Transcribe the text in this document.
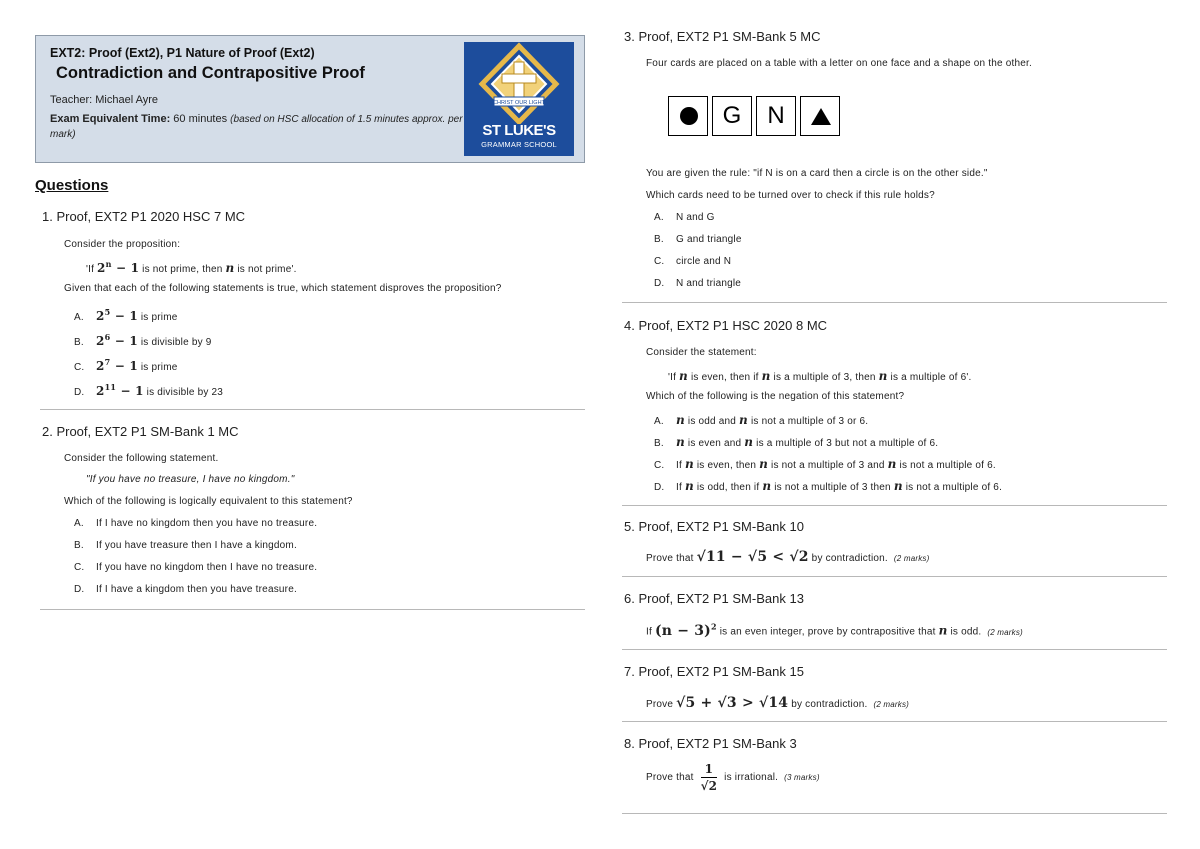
EXT2: Proof (Ext2), P1 Nature of Proof (Ext2)
Contradiction and Contrapositive Proof
Teacher: Michael Ayre
Exam Equivalent Time: 60 minutes (based on HSC allocation of 1.5 minutes approx. per mark)
CHRIST OUR LIGHT
ST LUKE'S
GRAMMAR SCHOOL
Questions
1. Proof, EXT2 P1 2020 HSC 7 MC
Consider the proposition:
'If $2^n - 1$ is not prime, then n is not prime'.
Given that each of the following statements is true, which statement disproves the proposition?
A. $2^5 - 1$ is prime
B. $2^6 - 1$ is divisible by 9
C. $2^7 - 1$ is prime
D. $2^{11} - 1$ is divisible by 23
2. Proof, EXT2 P1 SM-Bank 1 MC
Consider the following statement.
"If you have no treasure, I have no kingdom."
Which of the following is logically equivalent to this statement?
A. If I have no kingdom then you have no treasure.
B. If you have treasure then I have a kingdom.
C. If you have no kingdom then I have no treasure.
D. If I have a kingdom then you have treasure.
3. Proof, EXT2 P1 SM-Bank 5 MC
Four cards are placed on a table with a letter on one face and a shape on the other.
G	N
You are given the rule: "if N is on a card then a circle is on the other side."
Which cards need to be turned over to check if this rule holds?
A. N and G
B. G and triangle
C. circle and N
D. N and triangle
4. Proof, EXT2 P1 HSC 2020 8 MC
Consider the statement:
'If n is even, then if n is a multiple of 3, then n is a multiple of 6'.
Which of the following is the negation of this statement?
A. n is odd and n is not a multiple of 3 or 6.
B. n is even and n is a multiple of 3 but not a multiple of 6.
C. If n is even, then n is not a multiple of 3 and n is not a multiple of 6.
D. If n is odd, then if n is not a multiple of 3 then n is not a multiple of 6.
5. Proof, EXT2 P1 SM-Bank 10
Prove that √11 − √5 < √2 by contradiction. (2 marks)
6. Proof, EXT2 P1 SM-Bank 13
If $(n - 3)^2$ is an even integer, prove by contrapositive that n is odd. (2 marks)
7. Proof, EXT2 P1 SM-Bank 15
Prove √5 + √3 > √14 by contradiction. (2 marks)
8. Proof, EXT2 P1 SM-Bank 3
Prove that $\frac{1}{√2}$ is irrational. (3 marks)
